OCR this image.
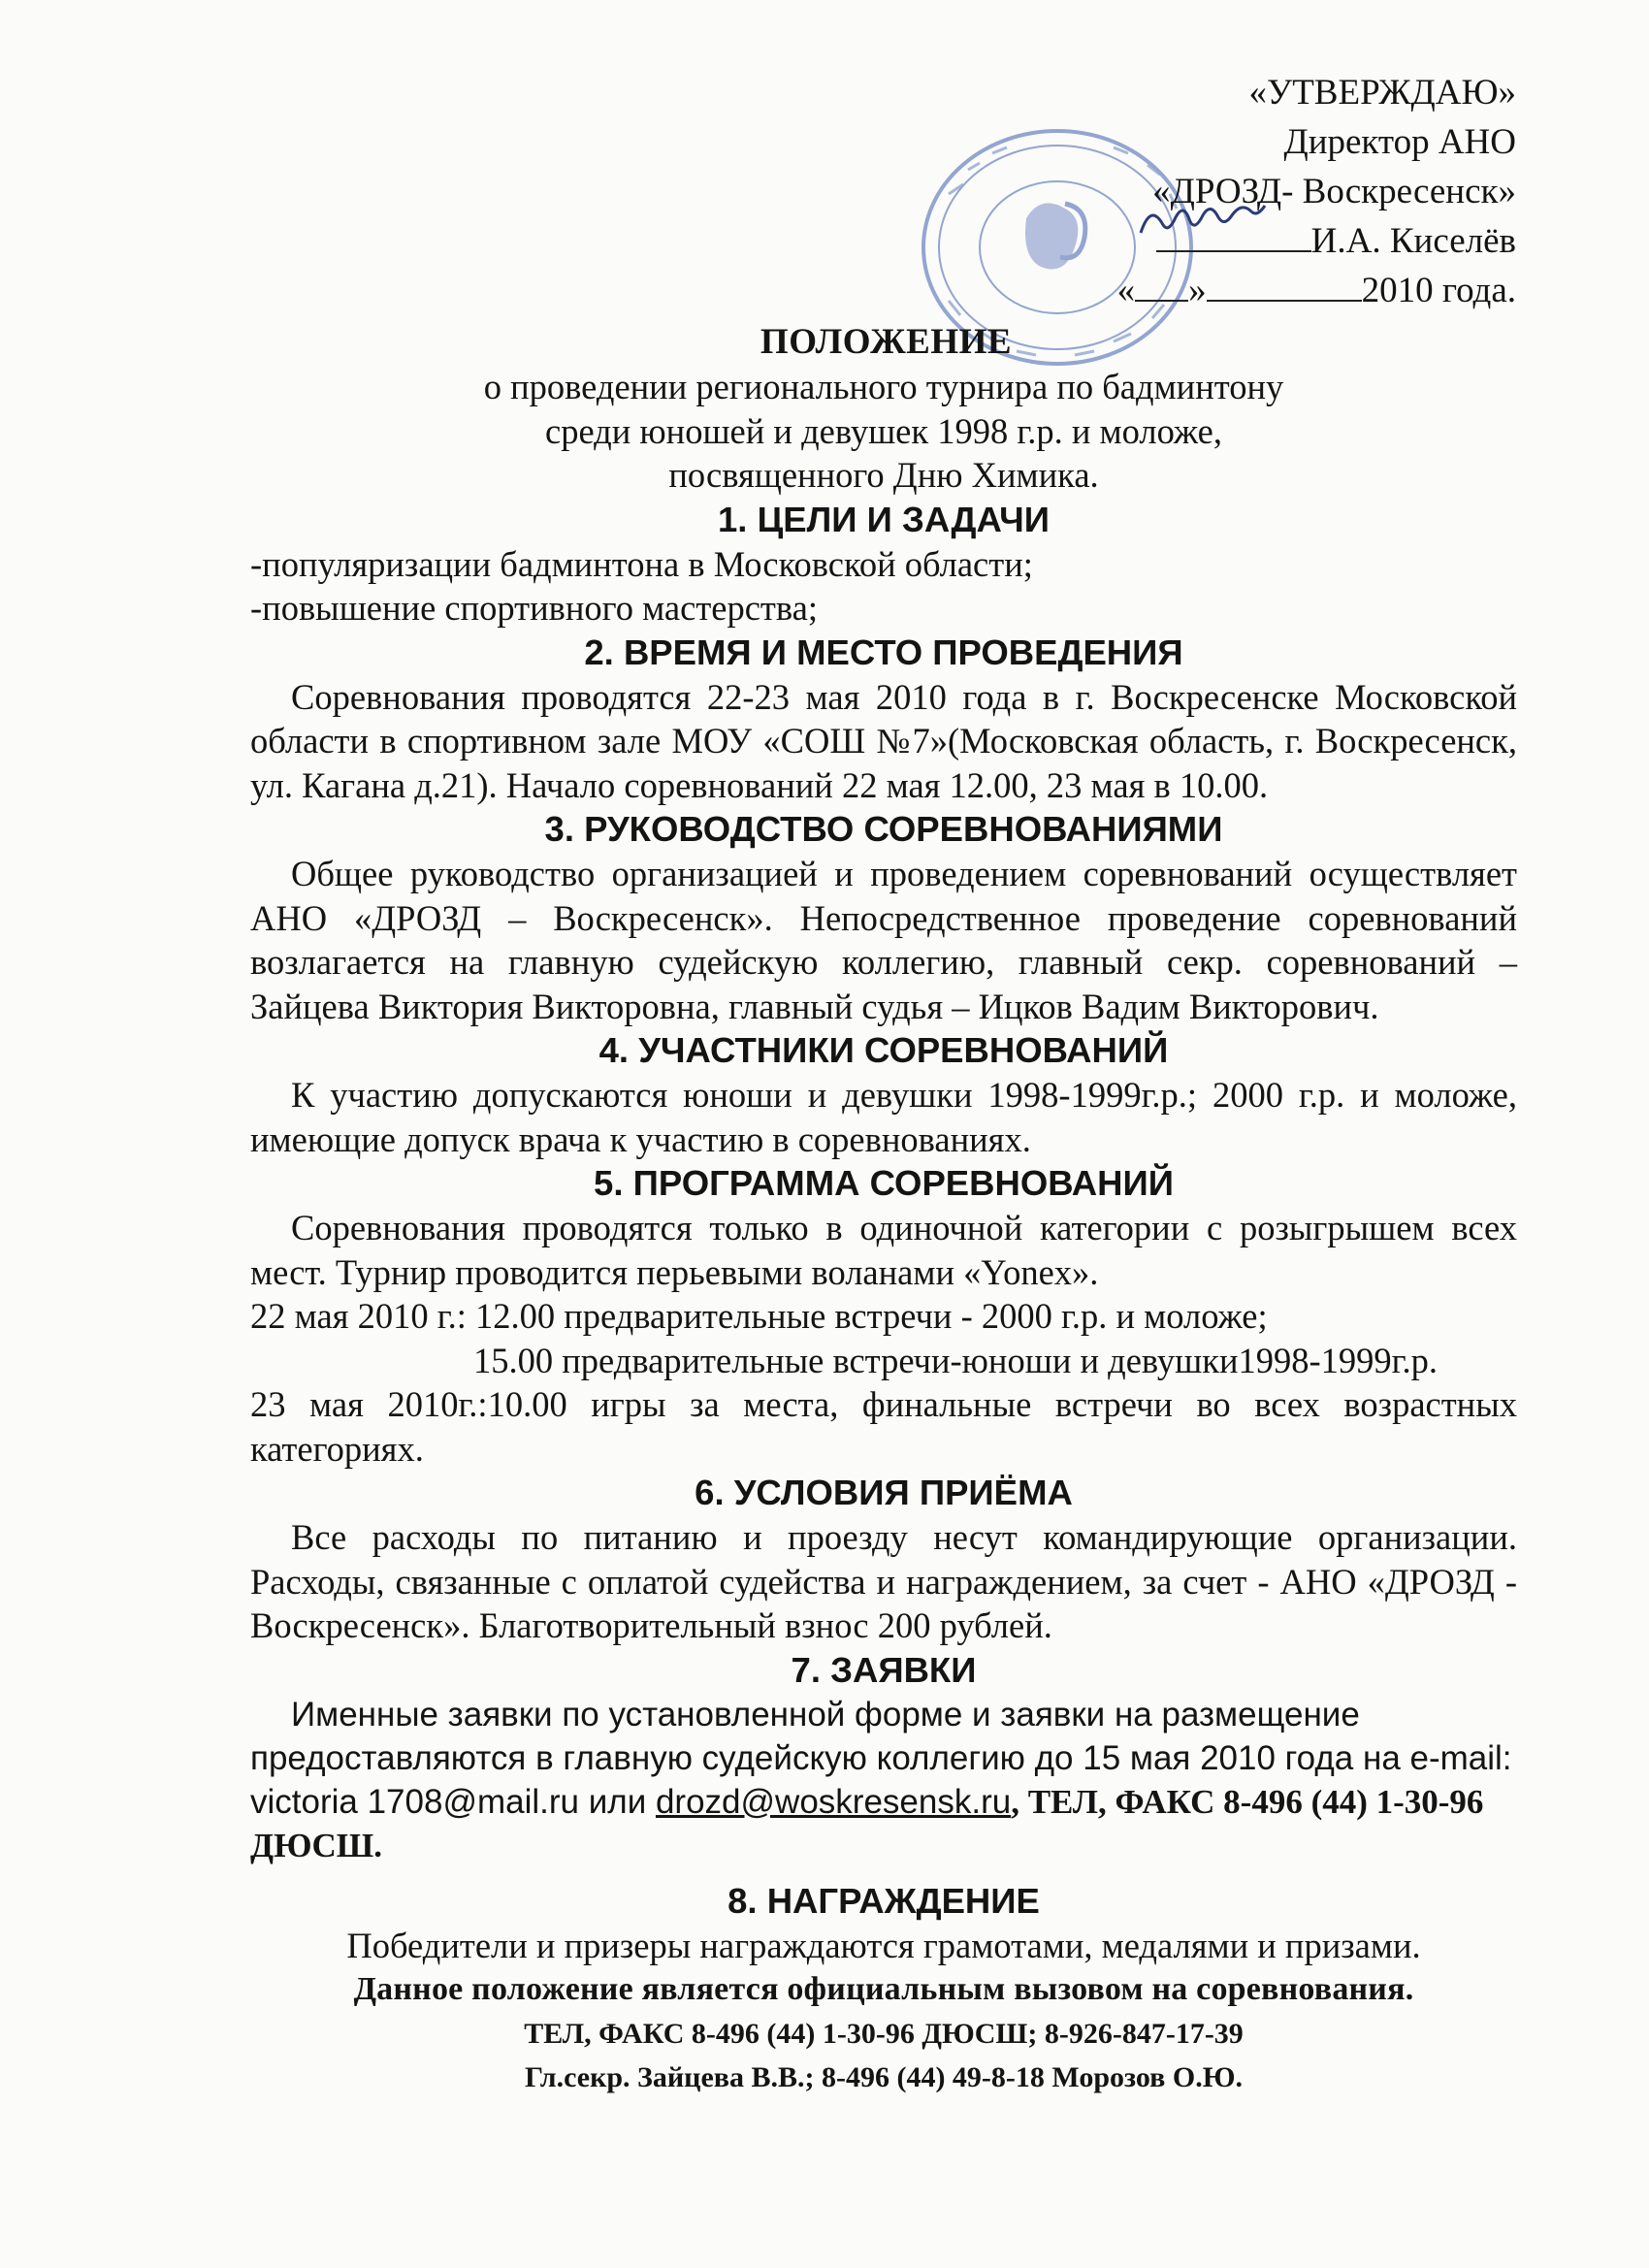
«УТВЕРЖДАЮ»
Директор АНО
«ДРОЗД- Воскресенск»
И.А. Киселёв
« »	2010 года.
ПОЛОЖЕНИЕ
о проведении регионального турнира по бадминтону
среди юношей и девушек 1998 г.р. и моложе,
посвященного Дню Химика.
1. ЦЕЛИ И ЗАДАЧИ
-популяризации бадминтона в Московской области;
-повышение спортивного мастерства;
2. ВРЕМЯ И МЕСТО ПРОВЕДЕНИЯ
Соревнования проводятся 22-23 мая 2010 года в г. Воскресенске Московской области в спортивном зале МОУ «СОШ №7»(Московская область, г. Воскресенск, ул. Кагана д.21). Начало соревнований 22 мая 12.00, 23 мая в 10.00.
3. РУКОВОДСТВО СОРЕВНОВАНИЯМИ
Общее руководство организацией и проведением соревнований осуществляет АНО «ДРОЗД – Воскресенск». Непосредственное проведение соревнований возлагается на главную судейскую коллегию, главный секр. соревнований – Зайцева Виктория Викторовна, главный судья – Ицков Вадим Викторович.
4. УЧАСТНИКИ СОРЕВНОВАНИЙ
К участию допускаются юноши и девушки 1998-1999г.р.; 2000 г.р. и моложе, имеющие допуск врача к участию в соревнованиях.
5. ПРОГРАММА СОРЕВНОВАНИЙ
Соревнования проводятся только в одиночной категории с розыгрышем всех мест. Турнир проводится перьевыми воланами «Yonex».
22 мая 2010 г.: 12.00 предварительные встречи - 2000 г.р. и моложе;
15.00 предварительные встречи-юноши и девушки1998-1999г.р.
23 мая 2010г.:10.00 игры за места, финальные встречи во всех возрастных категориях.
6. УСЛОВИЯ ПРИЁМА
Все расходы по питанию и проезду несут командирующие организации. Расходы, связанные с оплатой судейства и награждением, за счет - АНО «ДРОЗД - Воскресенск». Благотворительный взнос 200 рублей.
7. ЗАЯВКИ
Именные заявки по установленной форме и заявки на размещение предоставляются в главную судейскую коллегию до 15 мая 2010 года на e-mail: victoria 1708@mail.ru или drozd@woskresensk.ru, ТЕЛ, ФАКС 8-496 (44) 1-30-96 ДЮСШ.
8. НАГРАЖДЕНИЕ
Победители и призеры награждаются грамотами, медалями и призами.
Данное положение является официальным вызовом на соревнования.
ТЕЛ, ФАКС 8-496 (44) 1-30-96 ДЮСШ; 8-926-847-17-39
Гл.секр. Зайцева В.В.; 8-496 (44) 49-8-18 Морозов О.Ю.
